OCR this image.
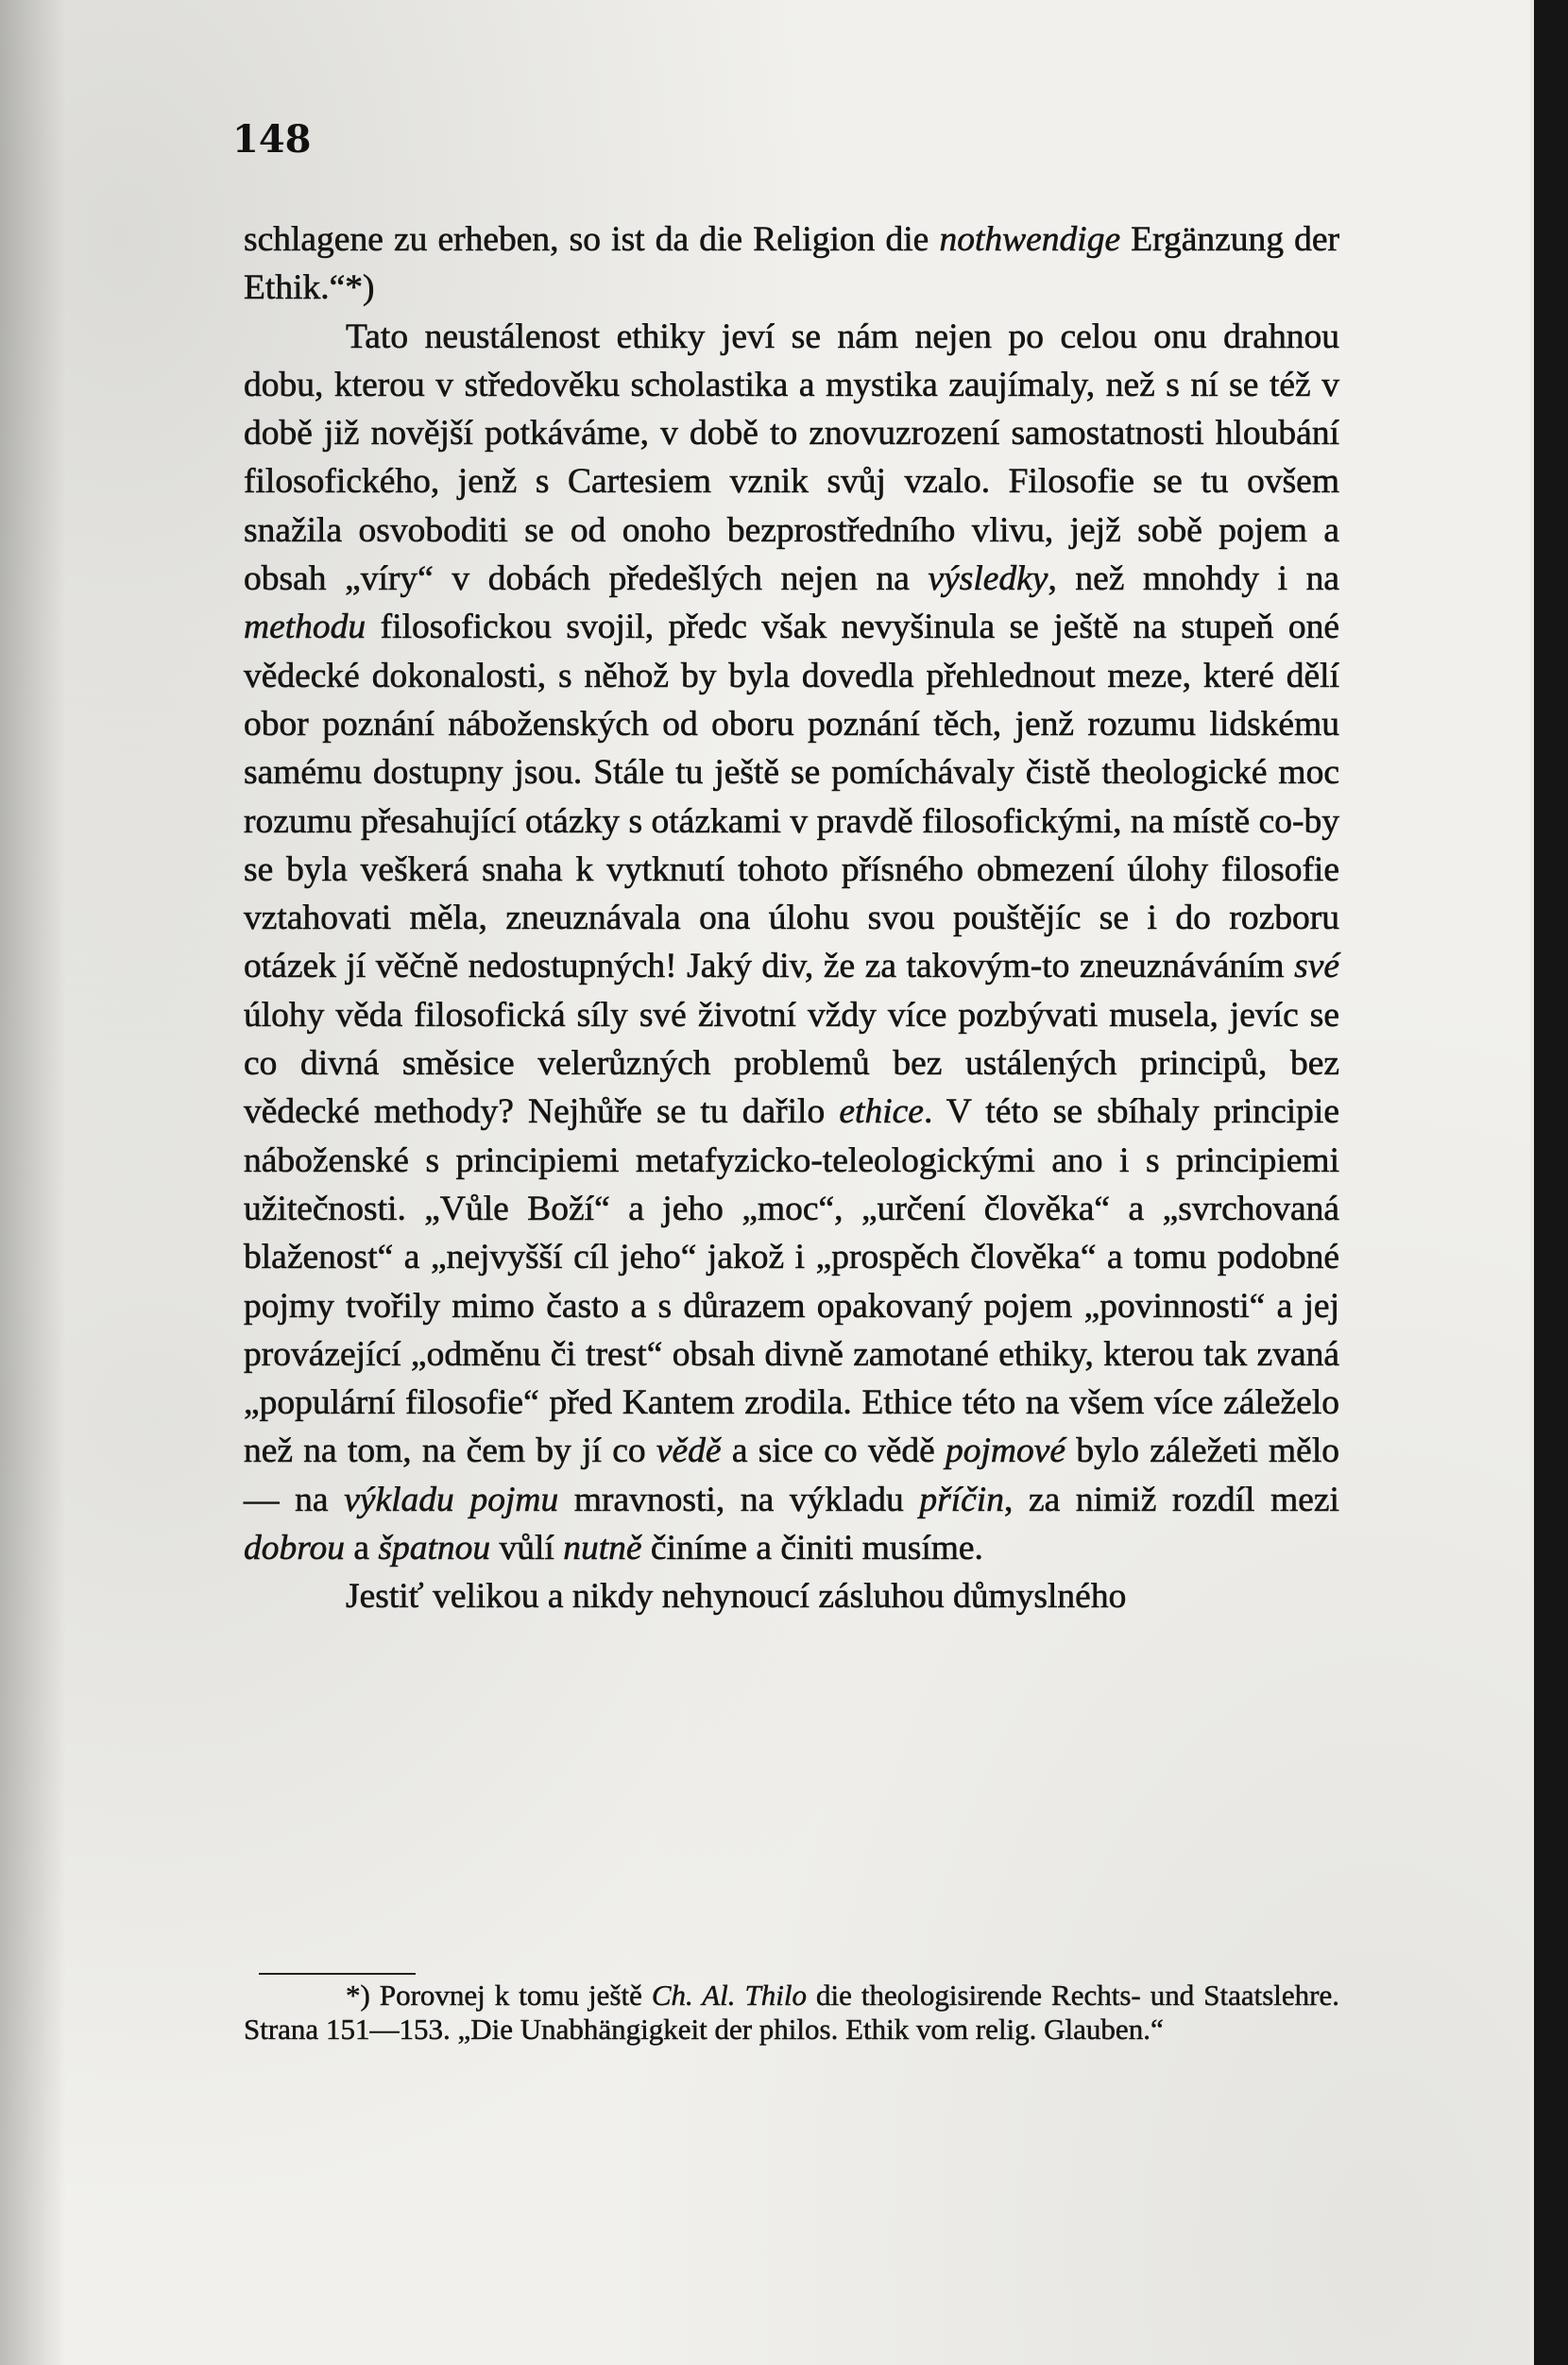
148

schlagene zu erheben, so ist da die Religion die nothwendige Ergänzung der Ethik.“*)

Tato neustálenost ethiky jeví se nám nejen po celou onu drahnou dobu, kterou v středověku scholastika a mystika zaujímaly, než s ní se též v době již novější potkáváme, v době to znovuzrození samostatnosti hloubání filosofického, jenž s Cartesiem vznik svůj vzalo. Filosofie se tu ovšem snažila osvoboditi se od onoho bezprostředního vlivu, jejž sobě pojem a obsah „víry“ v dobách předešlých nejen na výsledky, než mnohdy i na methodu filosofickou svojil, předc však nevyšinula se ještě na stupeň oné vědecké dokonalosti, s něhož by byla dovedla přehlednout meze, které dělí obor poznání náboženských od oboru poznání těch, jenž rozumu lidskému samému dostupny jsou. Stále tu ještě se pomíchávaly čistě theologické moc rozumu přesahující otázky s otázkami v pravdě filosofickými, na místě co-by se byla veškerá snaha k vytknutí tohoto přísného obmezení úlohy filosofie vztahovati měla, zneuznávala ona úlohu svou pouštějíc se i do rozboru otázek jí věčně nedostupných! Jaký div, že za takovým-to zneuznáváním své úlohy věda filosofická síly své životní vždy více pozbývati musela, jevíc se co divná směsice velerůzných problemů bez ustálených principů, bez vědecké methody? Nejhůře se tu dařilo ethice. V této se sbíhaly principie náboženské s principiemi metafyzicko-teleologickými ano i s principiemi užitečnosti. „Vůle Boží“ a jeho „moc“, „určení člověka“ a „svrchovaná blaženost“ a „nejvyšší cíl jeho“ jakož i „prospěch člověka“ a tomu podobné pojmy tvořily mimo často a s důrazem opakovaný pojem „povinnosti“ a jej provázející „odměnu či trest“ obsah divně zamotané ethiky, kterou tak zvaná „populární filosofie“ před Kantem zrodila. Ethice této na všem více záleželo než na tom, na čem by jí co vědě a sice co vědě pojmové bylo záležeti mělo — na výkladu pojmu mravnosti, na výkladu příčin, za nimiž rozdíl mezi dobrou a špatnou vůlí nutně činíme a činiti musíme.

Jestiť velikou a nikdy nehynoucí zásluhou důmyslného

*) Porovnej k tomu ještě Ch. Al. Thilo die theologisirende Rechts- und Staatslehre. Strana 151—153. „Die Unabhängigkeit der philos. Ethik vom relig. Glauben.“
